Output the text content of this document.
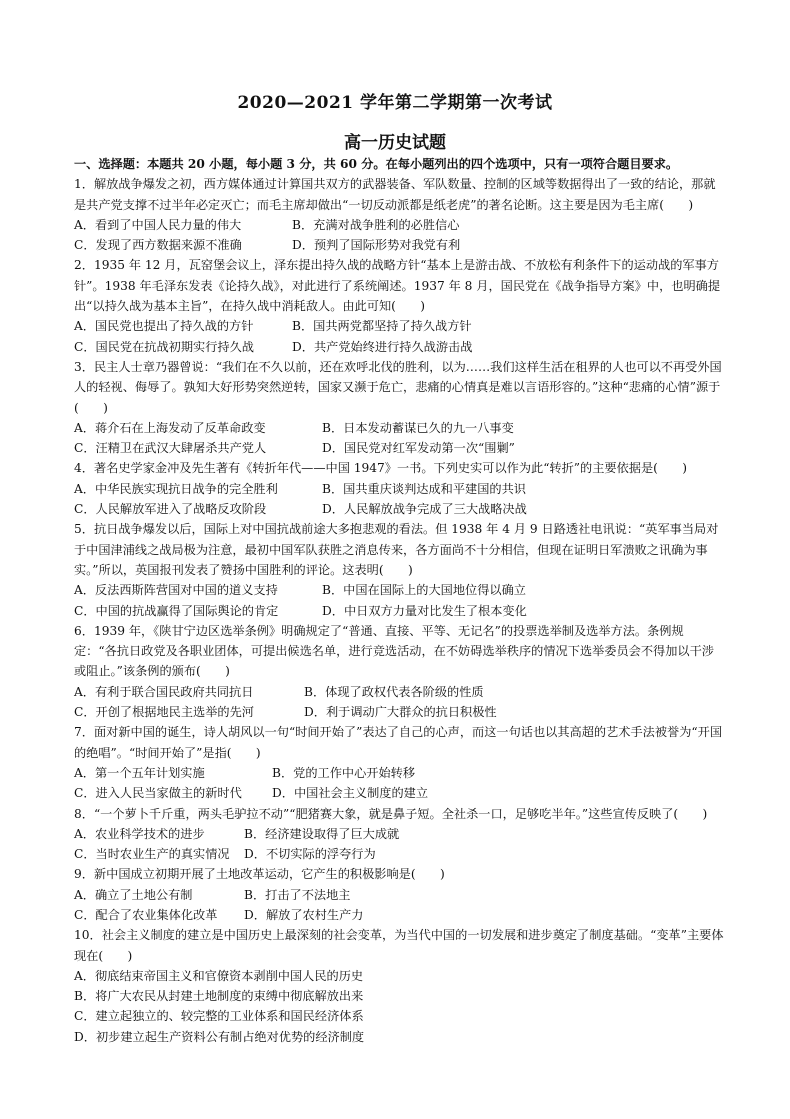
2020—2021 学年第二学期第一次考试
高一历史试题
一、选择题：本题共 20 小题，每小题 3 分，共 60 分。在每小题列出的四个选项中，只有一项符合题目要求。
1．解放战争爆发之初，西方媒体通过计算国共双方的武器装备、军队数量、控制的区域等数据得出了一致的结论，那就是共产党支撑不过半年必定灭亡；而毛主席却做出“一切反动派都是纸老虎”的著名论断。这主要是因为毛主席(　　)
A．看到了中国人民力量的伟大	B．充满对战争胜利的必胜信心
C．发现了西方数据来源不准确	D．预判了国际形势对我党有利
2．1935 年 12 月，瓦窑堡会议上，泽东提出持久战的战略方针“基本上是游击战、不放松有利条件下的运动战的军事方针”。1938 年毛泽东发表《论持久战》，对此进行了系统阐述。1937 年 8 月，国民党在《战争指导方案》中，也明确提出“以持久战为基本主旨”，在持久战中消耗敌人。由此可知(　　)
A．国民党也提出了持久战的方针	B．国共两党都坚持了持久战方针
C．国民党在抗战初期实行持久战	D．共产党始终进行持久战游击战
3．民主人士章乃器曾说：“我们在不久以前，还在欢呼北伐的胜利，以为……我们这样生活在租界的人也可以不再受外国人的轻视、侮辱了。孰知大好形势突然逆转，国家又濒于危亡，悲痛的心情真是难以言语形容的。”这种“悲痛的心情”源于(　　)
A．蒋介石在上海发动了反革命政变	B．日本发动蓄谋已久的九一八事变
C．汪精卫在武汉大肆屠杀共产党人	D．国民党对红军发动第一次“围剿”
4．著名史学家金冲及先生著有《转折年代——中国 1947》一书。下列史实可以作为此“转折”的主要依据是(　　)
A．中华民族实现抗日战争的完全胜利	B．国共重庆谈判达成和平建国的共识
C．人民解放军进入了战略反攻阶段	D．人民解放战争完成了三大战略决战
5．抗日战争爆发以后，国际上对中国抗战前途大多抱悲观的看法。但 1938 年 4 月 9 日路透社电讯说：“英军事当局对于中国津浦线之战局极为注意，最初中国军队获胜之消息传来，各方面尚不十分相信，但现在证明日军溃败之讯确为事实。”所以，英国报刊发表了赞扬中国胜利的评论。这表明(　　)
A．反法西斯阵营国对中国的道义支持	B．中国在国际上的大国地位得以确立
C．中国的抗战赢得了国际舆论的肯定	D．中日双方力量对比发生了根本变化
6．1939 年，《陕甘宁边区选举条例》明确规定了“普通、直接、平等、无记名”的投票选举制及选举方法。条例规定：“各抗日政党及各职业团体，可提出候选名单，进行竞选活动，在不妨碍选举秩序的情况下选举委员会不得加以干涉或阻止。”该条例的颁布(　　)
A．有利于联合国民政府共同抗日	B．体现了政权代表各阶级的性质
C．开创了根据地民主选举的先河	D．利于调动广大群众的抗日积极性
7．面对新中国的诞生，诗人胡风以一句“时间开始了”表达了自己的心声，而这一句话也以其高超的艺术手法被誉为“开国的绝唱”。“时间开始了”是指(　　)
A．第一个五年计划实施	B．党的工作中心开始转移
C．进入人民当家做主的新时代	D．中国社会主义制度的建立
8．“一个萝卜千斤重，两头毛驴拉不动”“肥猪赛大象，就是鼻子短。全社杀一口，足够吃半年。”这些宣传反映了(　　)
A．农业科学技术的进步	B．经济建设取得了巨大成就
C．当时农业生产的真实情况	D．不切实际的浮夸行为
9．新中国成立初期开展了土地改革运动，它产生的积极影响是(　　)
A．确立了土地公有制	B．打击了不法地主
C．配合了农业集体化改革	D．解放了农村生产力
10．社会主义制度的建立是中国历史上最深刻的社会变革，为当代中国的一切发展和进步奠定了制度基础。“变革”主要体现在(　　)
A．彻底结束帝国主义和官僚资本剥削中国人民的历史
B．将广大农民从封建土地制度的束缚中彻底解放出来
C．建立起独立的、较完整的工业体系和国民经济体系
D．初步建立起生产资料公有制占绝对优势的经济制度
